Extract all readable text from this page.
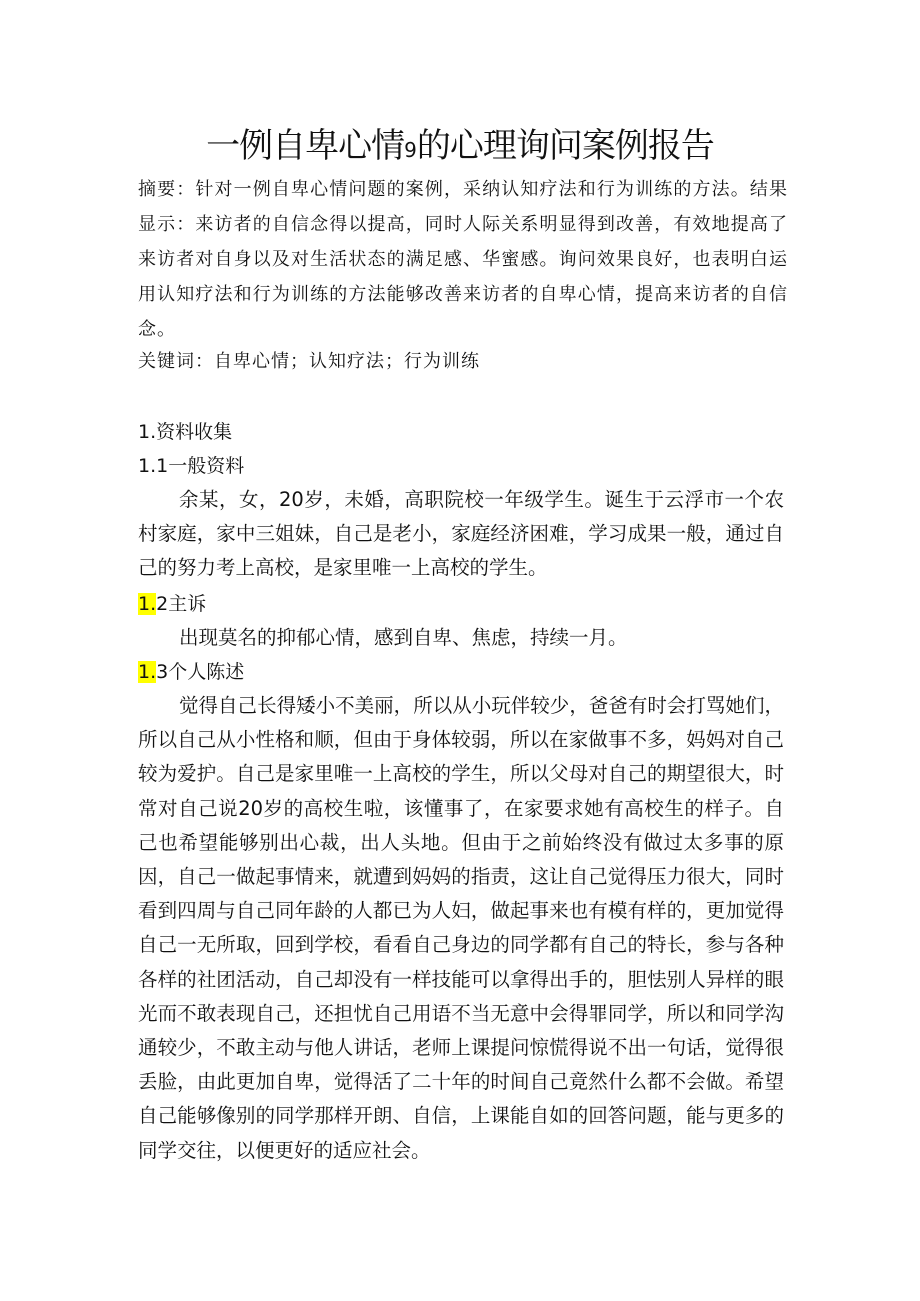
一例自卑心情9的心理询问案例报告

摘要：针对一例自卑心情问题的案例，采纳认知疗法和行为训练的方法。结果显示：来访者的自信念得以提高，同时人际关系明显得到改善，有效地提高了来访者对自身以及对生活状态的满足感、华蜜感。询问效果良好，也表明白运用认知疗法和行为训练的方法能够改善来访者的自卑心情，提高来访者的自信念。

关键词：自卑心情；认知疗法；行为训练
1.资料收集
1.1一般资料

余某，女，20岁，未婚，高职院校一年级学生。诞生于云浮市一个农村家庭，家中三姐妹，自己是老小，家庭经济困难，学习成果一般，通过自己的努力考上高校，是家里唯一上高校的学生。

1.2主诉

出现莫名的抑郁心情，感到自卑、焦虑，持续一月。

1.3个人陈述

觉得自己长得矮小不美丽，所以从小玩伴较少，爸爸有时会打骂她们，所以自己从小性格和顺，但由于身体较弱，所以在家做事不多，妈妈对自己较为爱护。自己是家里唯一上高校的学生，所以父母对自己的期望很大，时常对自己说20岁的高校生啦，该懂事了，在家要求她有高校生的样子。自己也希望能够别出心裁，出人头地。但由于之前始终没有做过太多事的原因，自己一做起事情来，就遭到妈妈的指责，这让自己觉得压力很大，同时看到四周与自己同年龄的人都已为人妇，做起事来也有模有样的，更加觉得自己一无所取，回到学校，看看自己身边的同学都有自己的特长，参与各种各样的社团活动，自己却没有一样技能可以拿得出手的，胆怯别人异样的眼光而不敢表现自己，还担忧自己用语不当无意中会得罪同学，所以和同学沟通较少，不敢主动与他人讲话，老师上课提问惊慌得说不出一句话，觉得很丢脸，由此更加自卑，觉得活了二十年的时间自己竟然什么都不会做。希望自己能够像别的同学那样开朗、自信，上课能自如的回答问题，能与更多的同学交往，以便更好的适应社会。
